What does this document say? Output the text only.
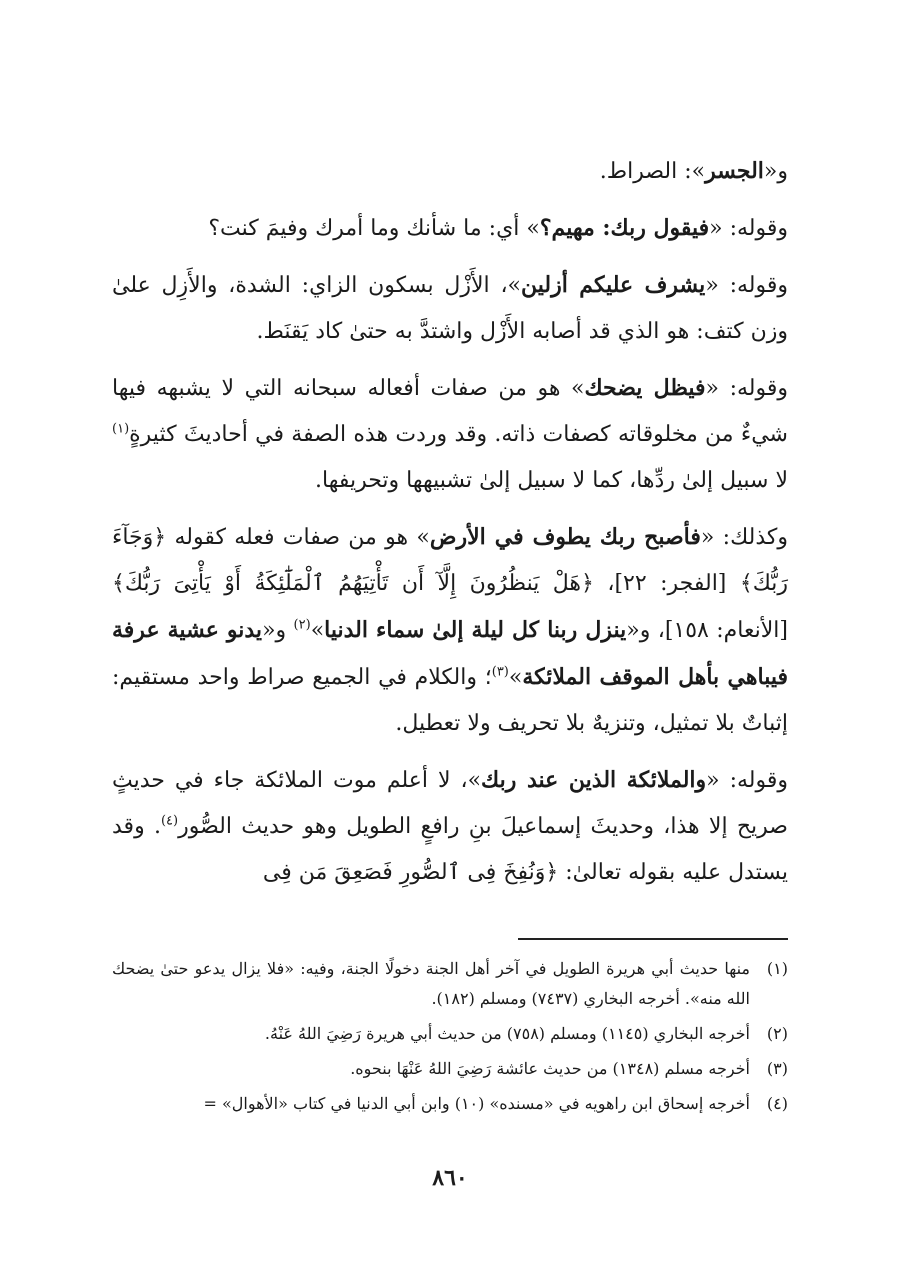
و«الجسر»: الصراط.

وقوله: «فيقول ربك: مهيم؟» أي: ما شأنك وما أمرك وفيمَ كنت؟

وقوله: «يشرف عليكم أزلين»، الأَزْل بسكون الزاي: الشدة، والأَزِل علىٰ وزن كتف: هو الذي قد أصابه الأَزْل واشتدَّ به حتىٰ كاد يَقنَط.

وقوله: «فيظل يضحك» هو من صفات أفعاله سبحانه التي لا يشبهه فيها شيءٌ من مخلوقاته كصفات ذاته. وقد وردت هذه الصفة في أحاديثَ كثيرةٍ$^{(١)}$ لا سبيل إلىٰ ردِّها، كما لا سبيل إلىٰ تشبيهها وتحريفها.

وكذلك: «فأصبح ربك يطوف في الأرض» هو من صفات فعله كقوله ﴿وَجَآءَ رَبُّكَ﴾ [الفجر: ٢٢]، ﴿هَلْ يَنظُرُونَ إِلَّآ أَن تَأْتِيَهُمُ ٱلْمَلَٰٓئِكَةُ أَوْ يَأْتِىَ رَبُّكَ﴾ [الأنعام: ١٥٨]، و«ينزل ربنا كل ليلة إلىٰ سماء الدنيا»$^{(٢)}$ و«يدنو عشية عرفة فيباهي بأهل الموقف الملائكة»$^{(٣)}$؛ والكلام في الجميع صراط واحد مستقيم: إثباتٌ بلا تمثيل، وتنزيهٌ بلا تحريف ولا تعطيل.

وقوله: «والملائكة الذين عند ربك»، لا أعلم موت الملائكة جاء في حديثٍ صريح إلا هذا، وحديثَ إسماعيلَ بنِ رافعٍ الطويل وهو حديث الصُّور$^{(٤)}$. وقد يستدل عليه بقوله تعالىٰ: ﴿وَنُفِخَ فِى ٱلصُّورِ فَصَعِقَ مَن فِى

(١)
منها حديث أبي هريرة الطويل في آخر أهل الجنة دخولًا الجنة، وفيه: «فلا يزال يدعو حتىٰ يضحك الله منه». أخرجه البخاري (٧٤٣٧) ومسلم (١٨٢).
(٢)
أخرجه البخاري (١١٤٥) ومسلم (٧٥٨) من حديث أبي هريرة رَضِيَ اللهُ عَنْهُ.
(٣)
أخرجه مسلم (١٣٤٨) من حديث عائشة رَضِيَ اللهُ عَنْهَا بنحوه.
(٤)
أخرجه إسحاق ابن راهويه في «مسنده» (١٠) وابن أبي الدنيا في كتاب «الأهوال» =
٨٦٠
